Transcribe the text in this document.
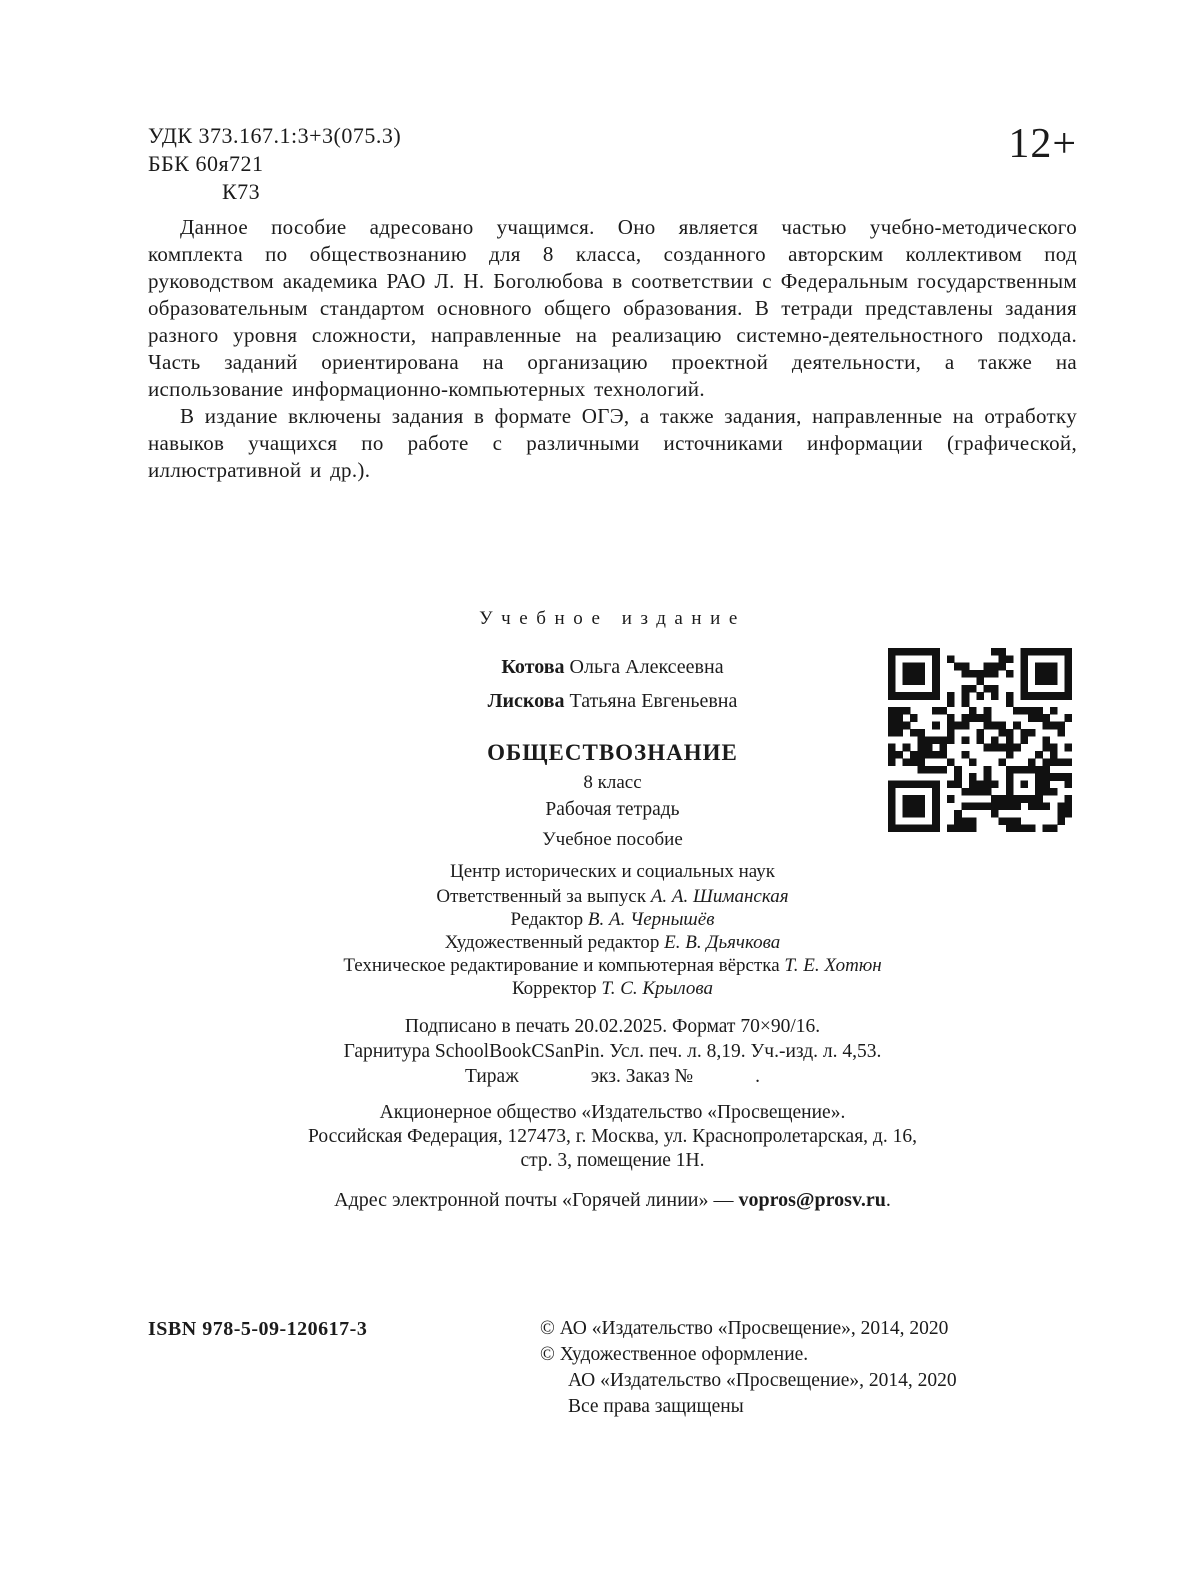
УДК 373.167.1:3+3(075.3)
ББК 60я721
К73
12+

Данное пособие адресовано учащимся. Оно является частью учебно-методического комплекта по обществознанию для 8 класса, созданного авторским коллективом под руководством академика РАО Л. Н. Боголюбова в соответствии с Федеральным государственным образовательным стандартом основного общего образования. В тетради представлены задания разного уровня сложности, направленные на реализацию системно-деятельностного подхода. Часть заданий ориентирована на организацию проектной деятельности, а также на использование информационно-компьютерных технологий.

В издание включены задания в формате ОГЭ, а также задания, направленные на отработку навыков учащихся по работе с различными источниками информации (графической, иллюстративной и др.).

Учебное издание
Котова Ольга Алексеевна
Лискова Татьяна Евгеньевна
ОБЩЕСТВОЗНАНИЕ
8 класс
Рабочая тетрадь
Учебное пособие
Центр исторических и социальных наук
Ответственный за выпуск А. А. Шиманская
Редактор В. А. Чернышёв
Художественный редактор Е. В. Дьячкова
Техническое редактирование и компьютерная вёрстка Т. Е. Хотюн
Корректор Т. С. Крылова
Подписано в печать 20.02.2025. Формат 70×90/16.
Гарнитура SchoolBookCSanPin. Усл. печ. л. 8,19. Уч.-изд. л. 4,53.
Тираж	экз. Заказ №	.
Акционерное общество «Издательство «Просвещение».
Российская Федерация, 127473, г. Москва, ул. Краснопролетарская, д. 16,
стр. 3, помещение 1Н.
Адрес электронной почты «Горячей линии» — vopros@prosv.ru.
ISBN 978-5-09-120617-3	© АО «Издательство «Просвещение», 2014, 2020
© Художественное оформление.
АО «Издательство «Просвещение», 2014, 2020
Все права защищены
